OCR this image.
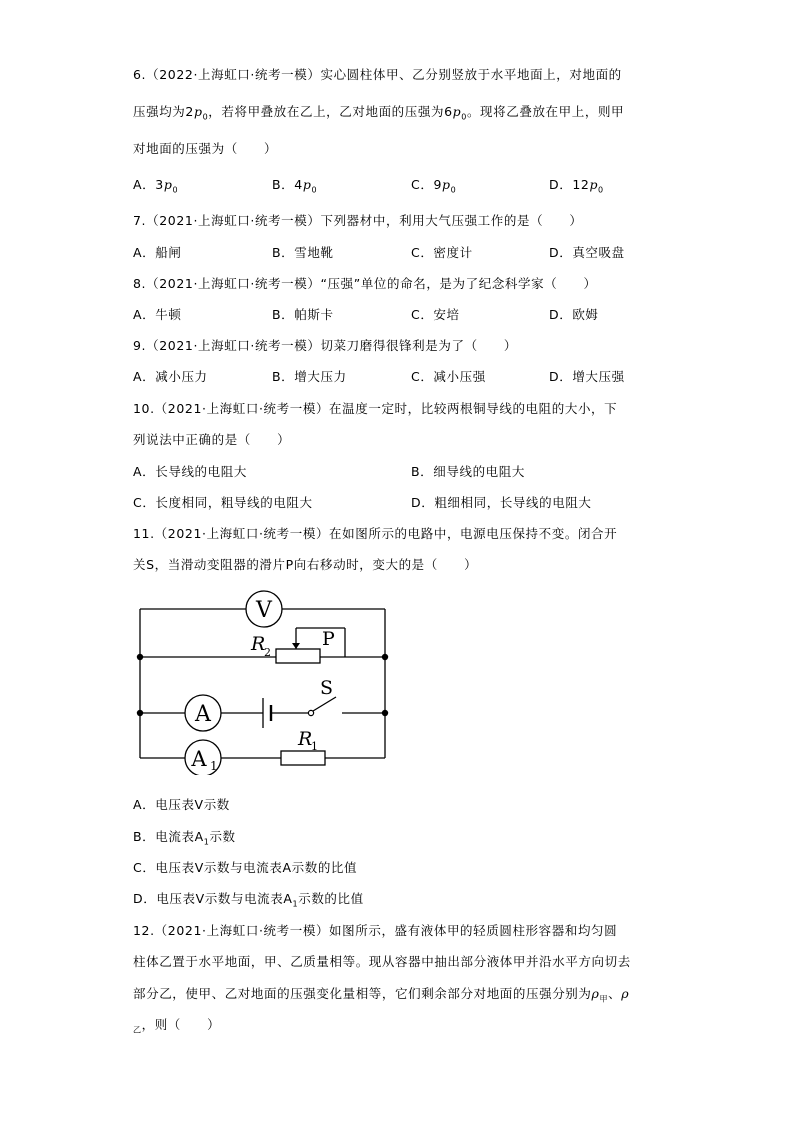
6.（2022·上海虹口·统考一模）实心圆柱体甲、乙分别竖放于水平地面上，对地面的
压强均为$2p_0$，若将甲叠放在乙上，乙对地面的压强为$6p_0$。现将乙叠放在甲上，则甲
对地面的压强为（　　）
A．$3p_0$	B．$4p_0$	C．$9p_0$	D．$12p_0$
7.（2021·上海虹口·统考一模）下列器材中，利用大气压强工作的是（　　）
A．船闸	B．雪地靴	C．密度计	D．真空吸盘
8.（2021·上海虹口·统考一模）“压强”单位的命名，是为了纪念科学家（　　）
A．牛顿	B．帕斯卡	C．安培	D．欧姆
9.（2021·上海虹口·统考一模）切菜刀磨得很锋利是为了（　　）
A．减小压力	B．增大压力	C．减小压强	D．增大压强
10.（2021·上海虹口·统考一模）在温度一定时，比较两根铜导线的电阻的大小，下
列说法中正确的是（　　）
A．长导线的电阻大	B．细导线的电阻大
C．长度相同，粗导线的电阻大	D．粗细相同，长导线的电阻大
11.（2021·上海虹口·统考一模）在如图所示的电路中，电源电压保持不变。闭合开
关S，当滑动变阻器的滑片P向右移动时，变大的是（　　）
V
A
A 1
R
2
P
S
R
1
A．电压表V示数
B．电流表$A_1$示数
C．电压表V示数与电流表A示数的比值
D．电压表V示数与电流表$A_1$示数的比值
12.（2021·上海虹口·统考一模）如图所示，盛有液体甲的轻质圆柱形容器和均匀圆
柱体乙置于水平地面，甲、乙质量相等。现从容器中抽出部分液体甲并沿水平方向切去
部分乙，使甲、乙对地面的压强变化量相等，它们剩余部分对地面的压强分别为$\rho_甲$、ρ
$_乙$，则（　　）
